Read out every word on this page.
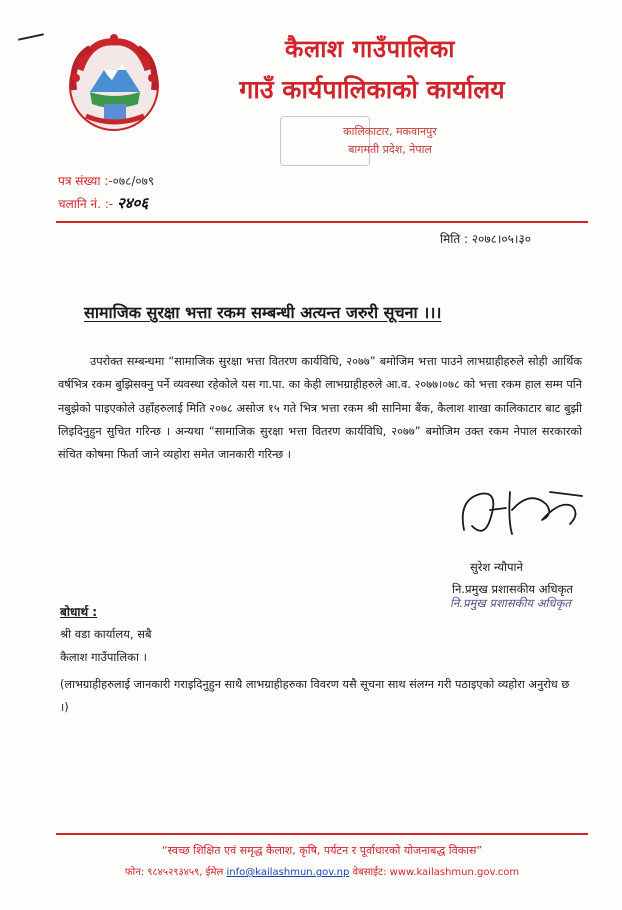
कैलाश गाउँपालिका
गाउँ कार्यपालिकाको कार्यालय
कालिकाटार, मकवानपुर
बागमती प्रदेश, नेपाल
पत्र संख्या :-०७८/०७९
चलानि नं. :- २४०६
मिति : २०७८।०५।३०
सामाजिक सुरक्षा भत्ता रकम सम्बन्धी अत्यन्त जरुरी सूचना ।।।
उपरोक्त सम्बन्धमा “सामाजिक सुरक्षा भत्ता वितरण कार्यविधि, २०७७” बमोजिम भत्ता पाउने लाभग्राहीहरुले सोही आर्थिक वर्षभित्र रकम बुझिसक्नु पर्ने व्यवस्था रहेकोले यस गा.पा. का केही लाभग्राहीहरुले आ.व. २०७७।०७८ को भत्ता रकम हाल सम्म पनि नबुझेको पाइएकोले उहाँहरुलाई मिति २०७८ असोज १५ गते भित्र भत्ता रकम श्री सानिमा बैंक, कैलाश शाखा कालिकाटार बाट बुझी लिइदिनुहुन सुचित गरिन्छ । अन्यथा “सामाजिक सुरक्षा भत्ता वितरण कार्यविधि, २०७७” बमोजिम उक्त रकम नेपाल सरकारको संचित कोषमा फिर्ता जाने व्यहोरा समेत जानकारी गरिन्छ ।
सुरेश न्यौपाने
नि.प्रमुख प्रशासकीय अधिकृत
नि.प्रमुख प्रशासकीय अधिकृत
बोधार्थ :
श्री वडा कार्यालय, सबै
कैलाश गाउँपालिका ।
(लाभग्राहीहरुलाई जानकारी गराइदिनुहुन साथै लाभग्राहीहरुका विवरण यसै सूचना साथ संलग्न गरी पठाइएको व्यहोरा अनुरोध छ ।)
“स्वच्छ शिक्षित एवं समृद्ध कैलाश, कृषि, पर्यटन र पूर्वाधारको योजनाबद्ध विकास”
फोन: ९८४५२९३४५९, ईमेल info@kailashmun.gov.np वेबसाईट: www.kailashmun.gov.com
